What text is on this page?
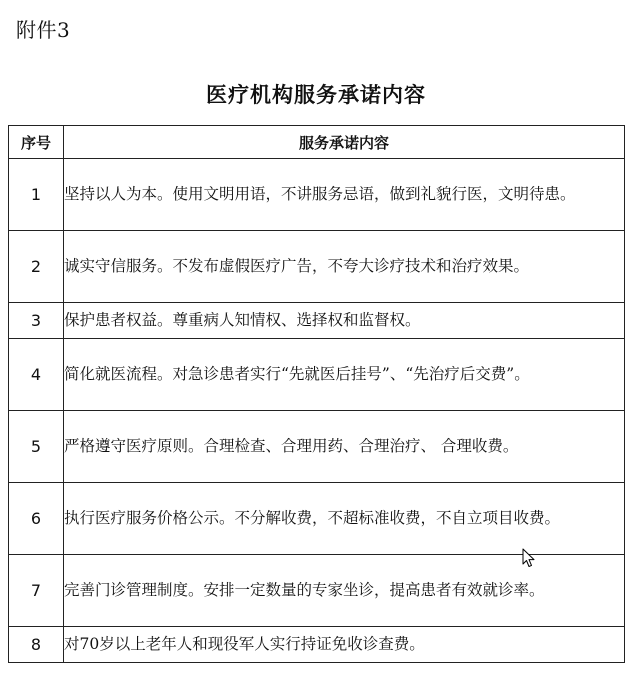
附件3
医疗机构服务承诺内容
序号	服务承诺内容
1	坚持以人为本。使用文明用语，不讲服务忌语，做到礼貌行医，文明待患。
2	诚实守信服务。不发布虚假医疗广告，不夸大诊疗技术和治疗效果。
3	保护患者权益。尊重病人知情权、选择权和监督权。
4	简化就医流程。对急诊患者实行“先就医后挂号”、“先治疗后交费”。
5	严格遵守医疗原则。合理检查、合理用药、合理治疗、 合理收费。
6	执行医疗服务价格公示。不分解收费，不超标准收费，不自立项目收费。
7	完善门诊管理制度。安排一定数量的专家坐诊，提高患者有效就诊率。
8	对70岁以上老年人和现役军人实行持证免收诊查费。
